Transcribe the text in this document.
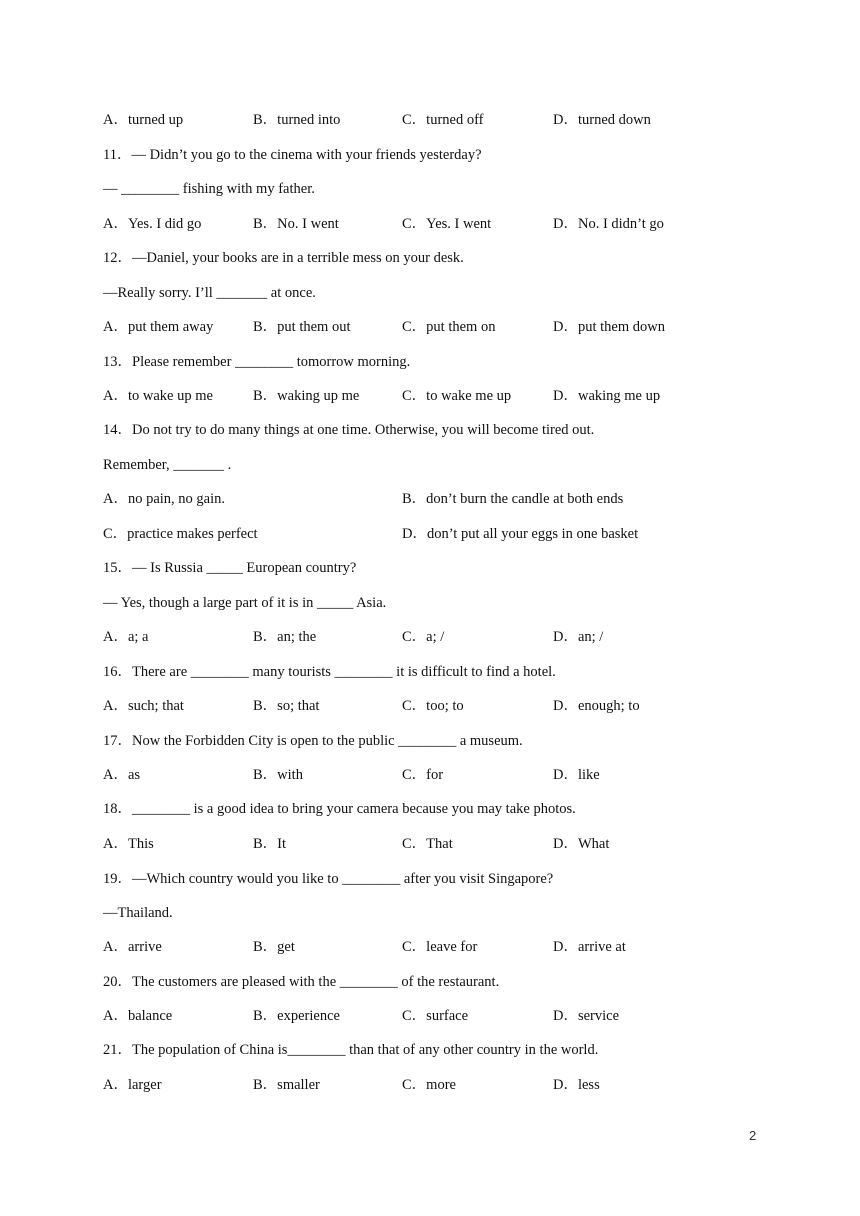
A．turned up	B．turned into	C．turned off	D．turned down
11．— Didn’t you go to the cinema with your friends yesterday?
— ________ fishing with my father.
A．Yes. I did go	B．No. I went	C．Yes. I went	D．No. I didn’t go
12．—Daniel, your books are in a terrible mess on your desk.
—Really sorry. I’ll _______ at once.
A．put them away	B．put them out	C．put them on	D．put them down
13．Please remember ________ tomorrow morning.
A．to wake up me	B．waking up me	C．to wake me up	D．waking me up
14．Do not try to do many things at one time. Otherwise, you will become tired out.
Remember, _______ .
A．no pain, no gain.	B．don’t burn the candle at both ends
C．practice makes perfect	D．don’t put all your eggs in one basket
15．— Is Russia _____ European country?
— Yes, though a large part of it is in _____ Asia.
A．a; a	B．an; the	C．a; /	D．an; /
16．There are ________ many tourists ________ it is difficult to find a hotel.
A．such; that	B．so; that	C．too; to	D．enough; to
17．Now the Forbidden City is open to the public ________ a museum.
A．as	B．with	C．for	D．like
18．________ is a good idea to bring your camera because you may take photos.
A．This	B．It	C．That	D．What
19．—Which country would you like to ________ after you visit Singapore?
—Thailand.
A．arrive	B．get	C．leave for	D．arrive at
20．The customers are pleased with the ________ of the restaurant.
A．balance	B．experience	C．surface	D．service
21．The population of China is________ than that of any other country in the world.
A．larger	B．smaller	C．more	D．less
2
